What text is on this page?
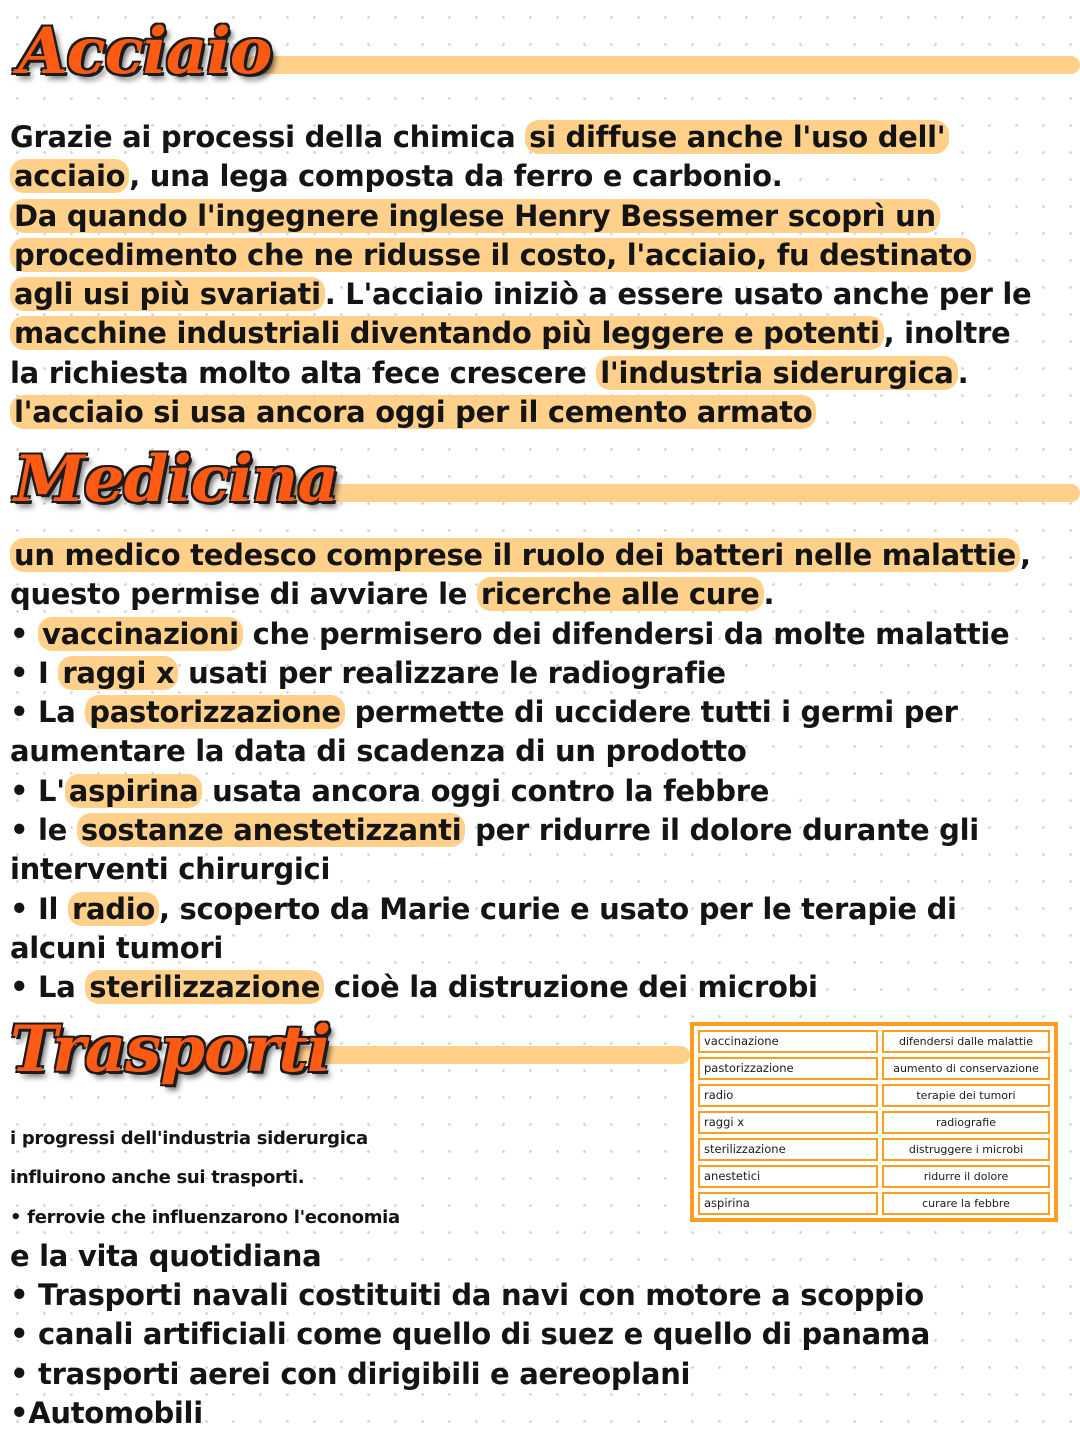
Acciaio
Grazie ai processi della chimica si diffuse anche l'uso dell'
acciaio , una lega composta da ferro e carbonio.
Da quando l'ingegnere inglese Henry Bessemer scoprì un
procedimento che ne ridusse il costo, l'acciaio, fu destinato
agli usi più svariati . L'acciaio iniziò a essere usato anche per le
macchine industriali diventando più leggere e potenti , inoltre
la richiesta molto alta fece crescere l'industria siderurgica .
l'acciaio si usa ancora oggi per il cemento armato
Medicina
un medico tedesco comprese il ruolo dei batteri nelle malattie ,
questo permise di avviare le ricerche alle cure .
• vaccinazioni che permisero dei difendersi da molte malattie
• I raggi x usati per realizzare le radiografie
• La pastorizzazione permette di uccidere tutti i germi per
aumentare la data di scadenza di un prodotto
• L' aspirina usata ancora oggi contro la febbre
• le sostanze anestetizzanti per ridurre il dolore durante gli
interventi chirurgici
• Il radio , scoperto da Marie curie e usato per le terapie di
alcuni tumori
• La sterilizzazione cioè la distruzione dei microbi
Trasporti
i progressi dell'industria siderurgica
influirono anche sui trasporti.
• ferrovie che influenzarono l'economia
e la vita quotidiana
• Trasporti navali costituiti da navi con motore a scoppio
• canali artificiali come quello di suez e quello di panama
• trasporti aerei con dirigibili e aereoplani
•Automobili
vaccinazione	difendersi dalle malattie
pastorizzazione	aumento di conservazione
radio	terapie dei tumori
raggi x	radiografie
sterilizzazione	distruggere i microbi
anestetici	ridurre il dolore
aspirina	curare la febbre
